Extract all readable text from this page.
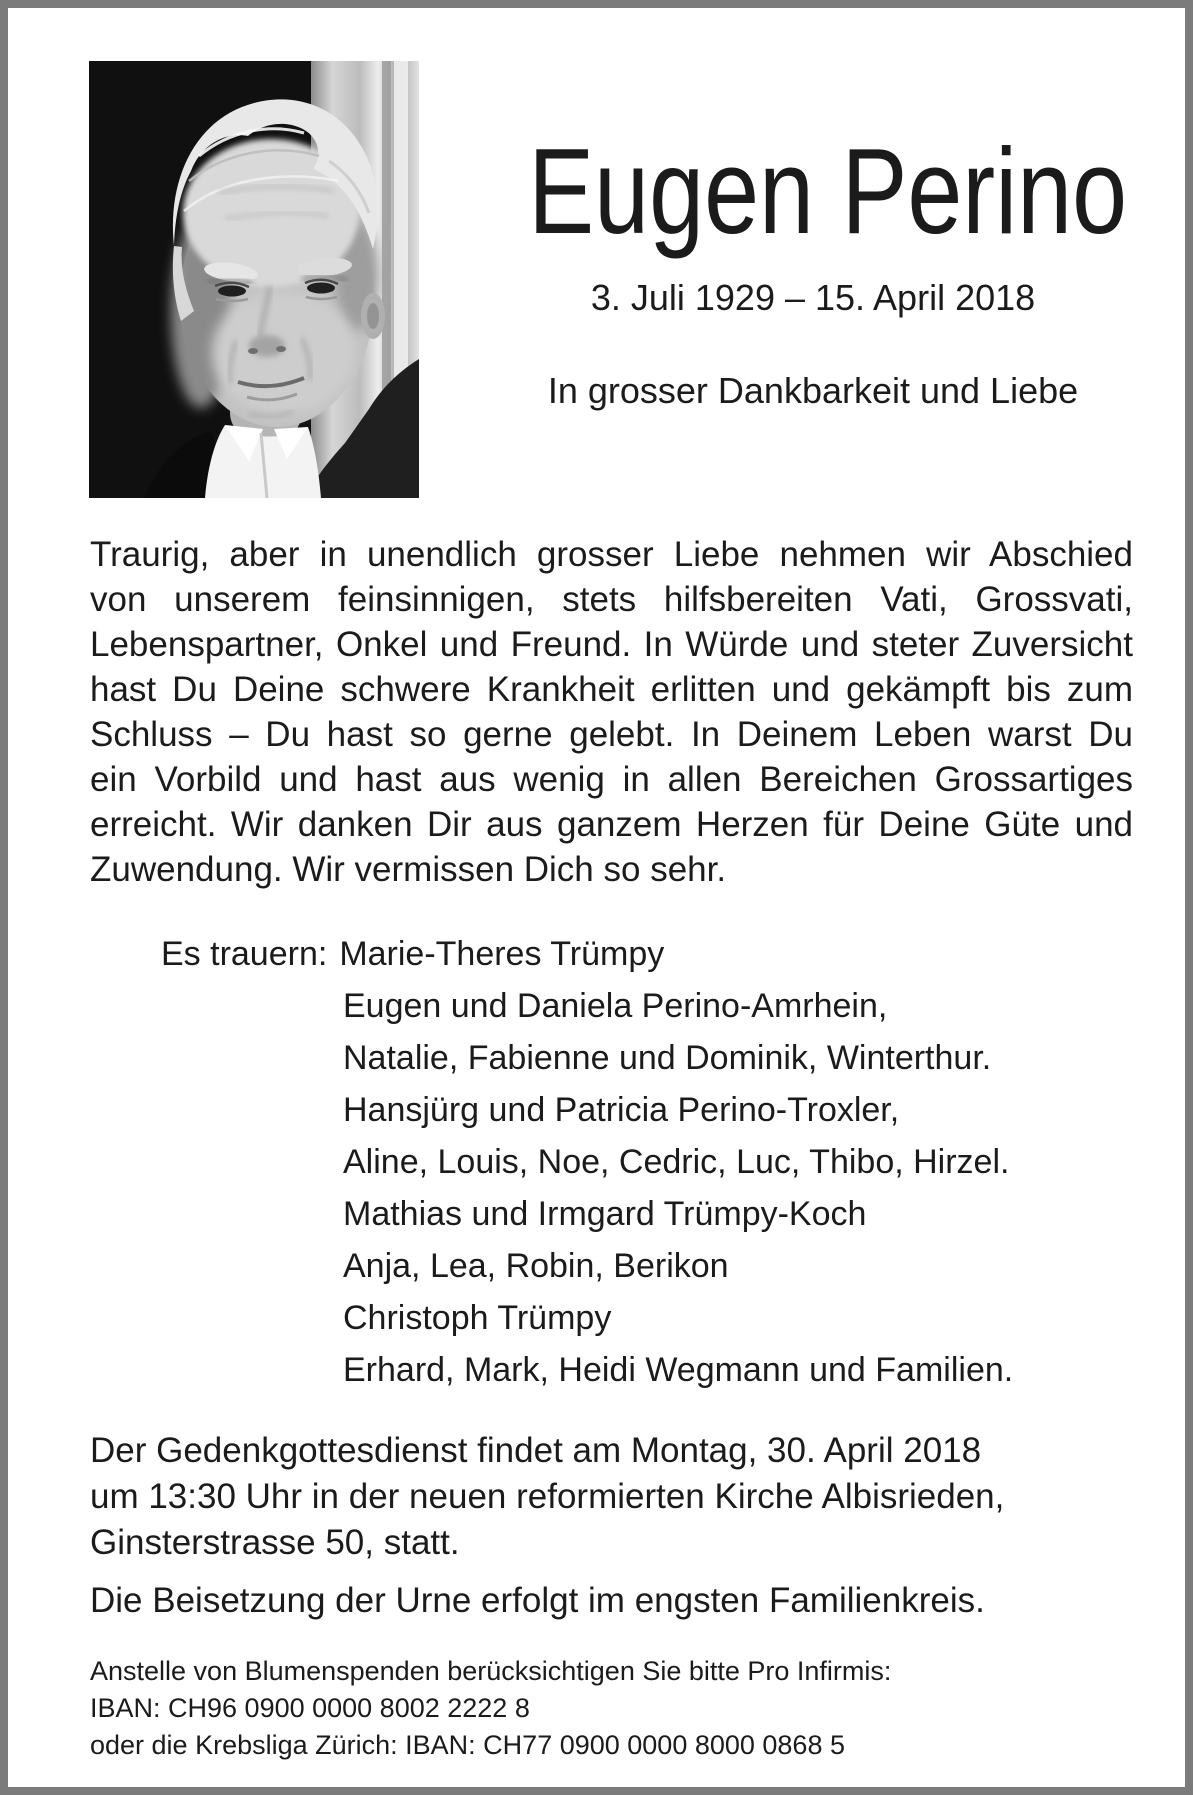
Eugen Perino
3. Juli 1929 – 15. April 2018
In grosser Dankbarkeit und Liebe
Traurig, aber in unendlich grosser Liebe nehmen wir Abschied
von unserem feinsinnigen, stets hilfsbereiten Vati, Grossvati,
Lebenspartner, Onkel und Freund. In Würde und steter Zuversicht
hast Du Deine schwere Krankheit erlitten und gekämpft bis zum
Schluss – Du hast so gerne gelebt. In Deinem Leben warst Du
ein Vorbild und hast aus wenig in allen Bereichen Grossartiges
erreicht. Wir danken Dir aus ganzem Herzen für Deine Güte und
Zuwendung. Wir vermissen Dich so sehr.
Es trauern: Marie-Theres Trümpy
Eugen und Daniela Perino-Amrhein,
Natalie, Fabienne und Dominik, Winterthur.
Hansjürg und Patricia Perino-Troxler,
Aline, Louis, Noe, Cedric, Luc, Thibo, Hirzel.
Mathias und Irmgard Trümpy-Koch
Anja, Lea, Robin, Berikon
Christoph Trümpy
Erhard, Mark, Heidi Wegmann und Familien.
Der Gedenkgottesdienst findet am Montag, 30. April 2018
um 13:30 Uhr in der neuen reformierten Kirche Albisrieden,
Ginsterstrasse 50, statt.
Die Beisetzung der Urne erfolgt im engsten Familienkreis.
Anstelle von Blumenspenden berücksichtigen Sie bitte Pro Infirmis:
IBAN: CH96 0900 0000 8002 2222 8
oder die Krebsliga Zürich: IBAN: CH77 0900 0000 8000 0868 5
